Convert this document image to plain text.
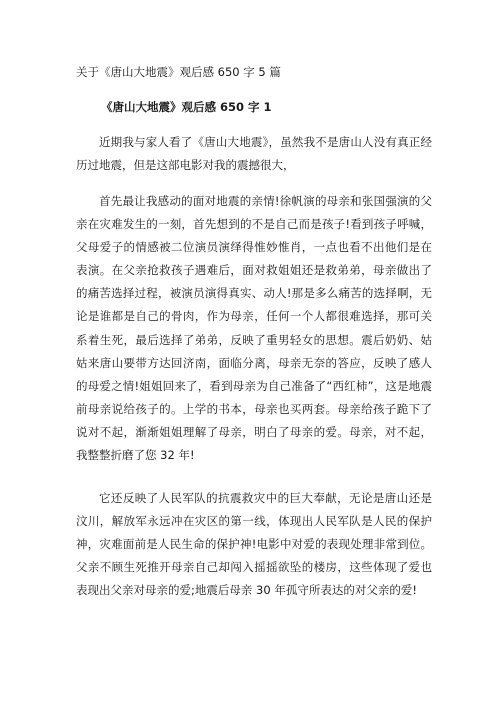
关于《唐山大地震》观后感 650 字 5 篇
《唐山大地震》观后感 650 字 1

近期我与家人看了《唐山大地震》，虽然我不是唐山人没有真正经历过地震，但是这部电影对我的震撼很大，

首先最让我感动的面对地震的亲情!徐帆演的母亲和张国强演的父亲在灾难发生的一刻，首先想到的不是自己而是孩子!看到孩子呼喊，父母爱子的情感被二位演员演绎得惟妙惟肖，一点也看不出他们是在表演。在父亲抢救孩子遇难后，面对救姐姐还是救弟弟，母亲做出了的痛苦选择过程，被演员演得真实、动人!那是多么痛苦的选择啊，无论是谁都是自己的骨肉，作为母亲，任何一个人都很难选择，那可关系着生死，最后选择了弟弟，反映了重男轻女的思想。震后奶奶、姑姑来唐山要带方达回济南，面临分离，母亲无奈的答应，反映了感人的母爱之情!姐姐回来了，看到母亲为自己准备了“西红柿”，这是地震前母亲说给孩子的。上学的书本，母亲也买两套。母亲给孩子跪下了说对不起，渐渐姐姐理解了母亲，明白了母亲的爱。母亲，对不起，我整整折磨了您 32 年!

它还反映了人民军队的抗震救灾中的巨大奉献，无论是唐山还是汶川，解放军永远冲在灾区的第一线，体现出人民军队是人民的保护神，灾难面前是人民生命的保护神!电影中对爱的表现处理非常到位。父亲不顾生死推开母亲自己却闯入摇摇欲坠的楼房，这些体现了爱也表现出父亲对母亲的爱;地震后母亲 30 年孤守所表达的对父亲的爱!
